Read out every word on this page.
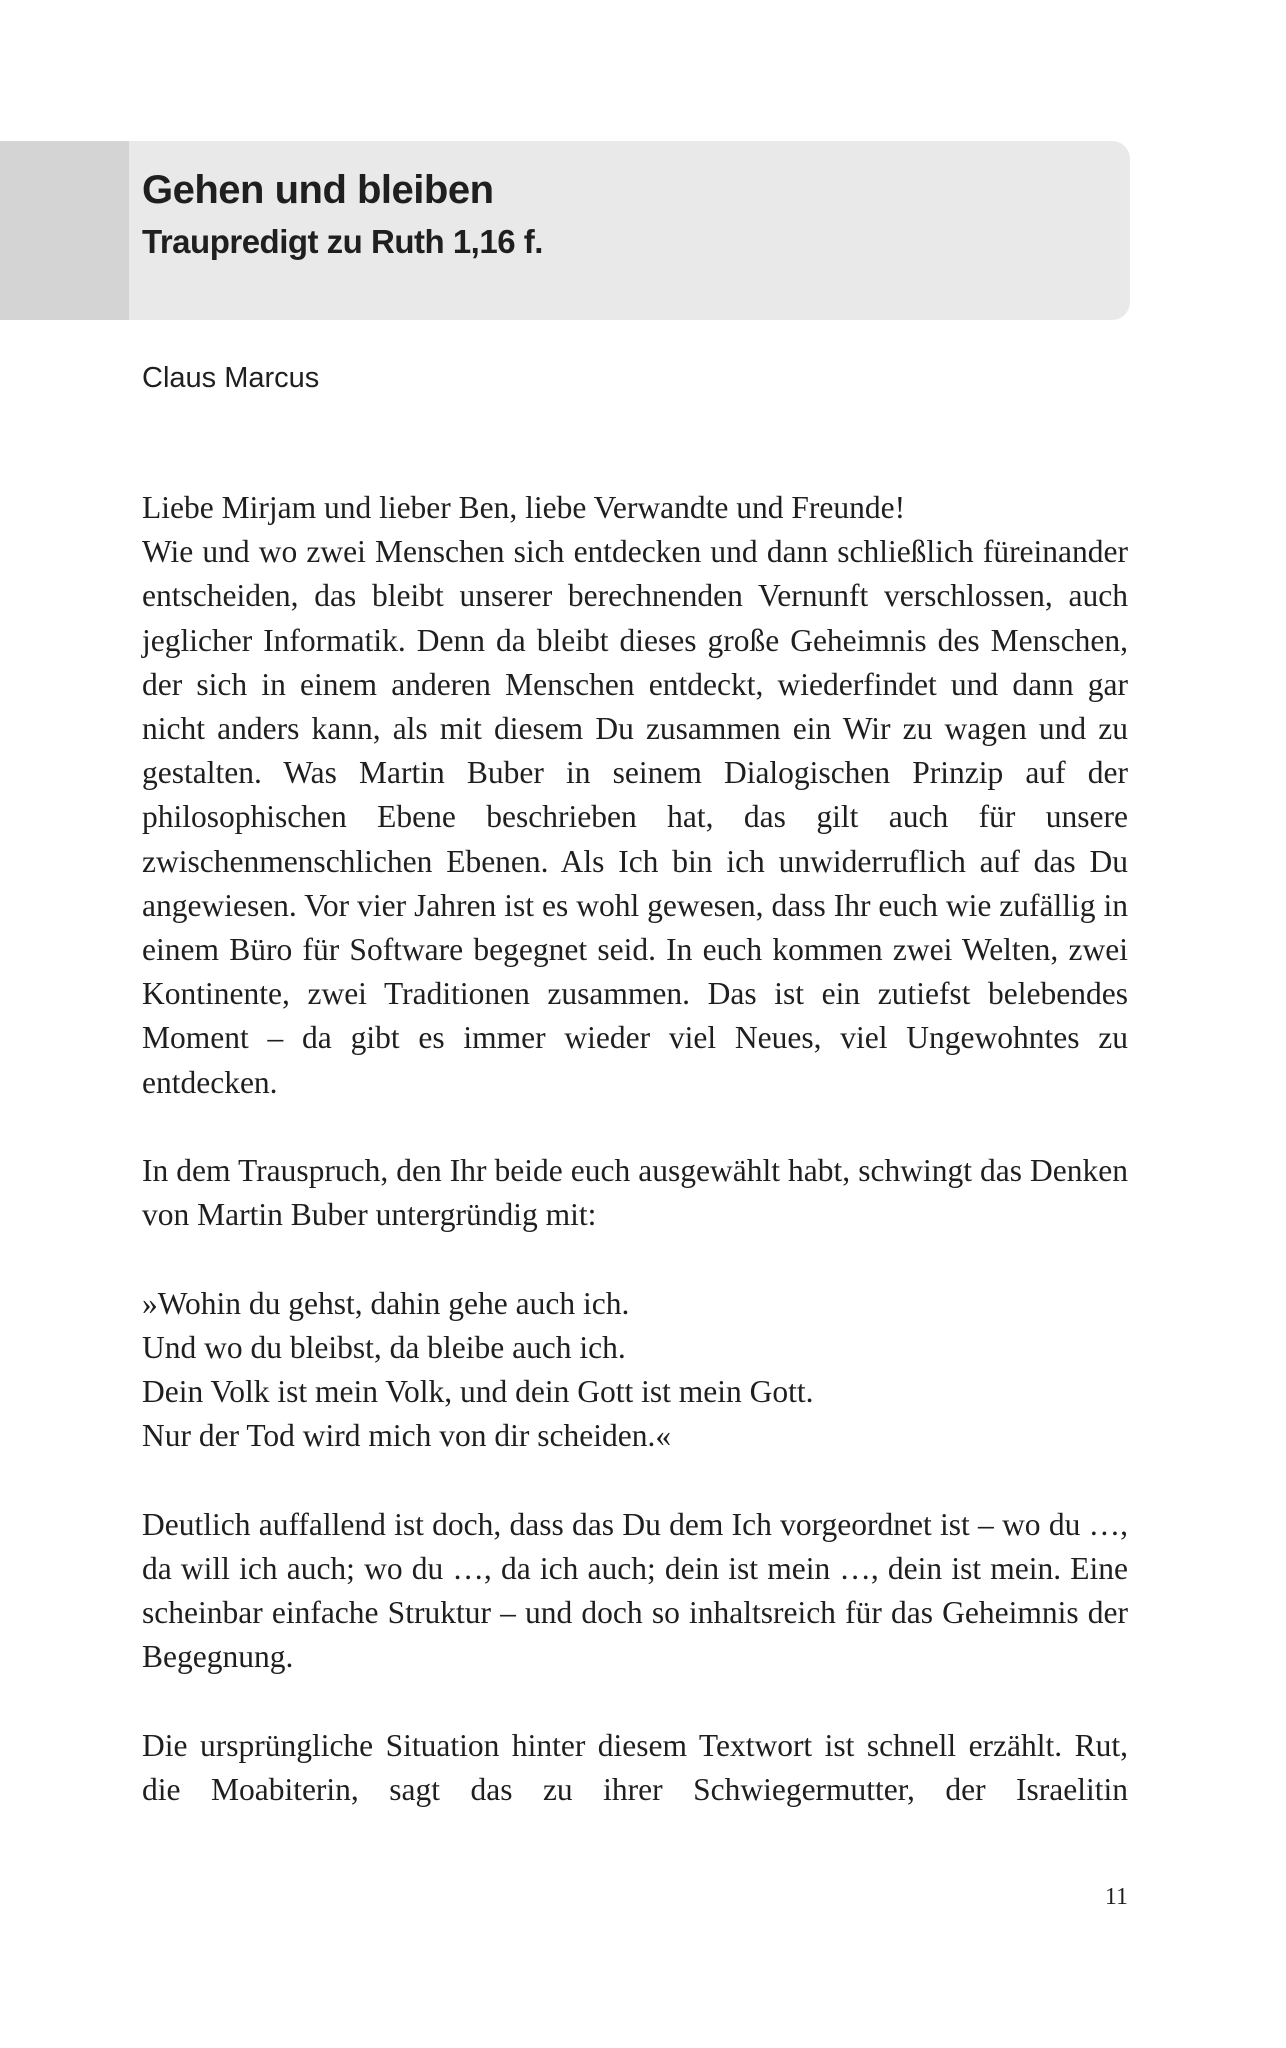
Gehen und bleiben
Traupredigt zu Ruth 1,16 f.
Claus Marcus

Liebe Mirjam und lieber Ben, liebe Verwandte und Freunde!

Wie und wo zwei Menschen sich entdecken und dann schließlich füreinander entscheiden, das bleibt unserer berechnenden Vernunft verschlossen, auch jeglicher Informatik. Denn da bleibt dieses große Geheimnis des Menschen, der sich in einem anderen Menschen entdeckt, wiederfindet und dann gar nicht anders kann, als mit diesem Du zusammen ein Wir zu wagen und zu gestalten. Was Martin Buber in seinem Dialogischen Prinzip auf der philosophischen Ebene beschrieben hat, das gilt auch für unsere zwischenmenschlichen Ebenen. Als Ich bin ich unwiderruflich auf das Du angewiesen. Vor vier Jahren ist es wohl gewesen, dass Ihr euch wie zufällig in einem Büro für Software begegnet seid. In euch kommen zwei Welten, zwei Kontinente, zwei Traditionen zusammen. Das ist ein zutiefst belebendes Moment – da gibt es immer wieder viel Neues, viel Ungewohntes zu entdecken.

In dem Trauspruch, den Ihr beide euch ausgewählt habt, schwingt das Denken von Martin Buber untergründig mit:

»Wohin du gehst, dahin gehe auch ich.

Und wo du bleibst, da bleibe auch ich.

Dein Volk ist mein Volk, und dein Gott ist mein Gott.

Nur der Tod wird mich von dir scheiden.«

Deutlich auffallend ist doch, dass das Du dem Ich vorgeordnet ist – wo du …, da will ich auch; wo du …, da ich auch; dein ist mein …, dein ist mein. Eine scheinbar einfache Struktur – und doch so inhaltsreich für das Geheimnis der Begegnung.

Die ursprüngliche Situation hinter diesem Textwort ist schnell erzählt. Rut, die Moabiterin, sagt das zu ihrer Schwiegermutter, der Israelitin

11
